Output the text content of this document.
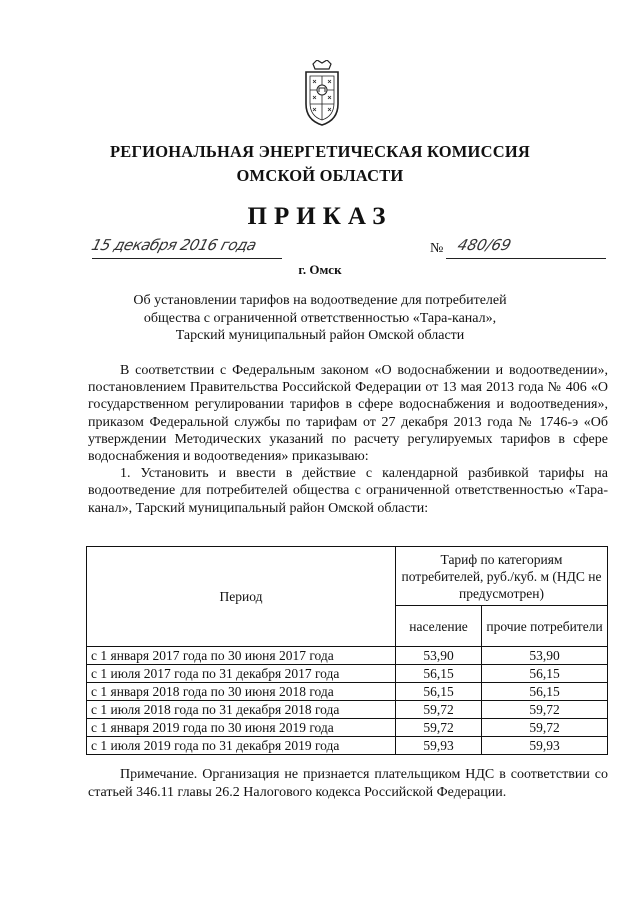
РЕГИОНАЛЬНАЯ ЭНЕРГЕТИЧЕСКАЯ КОМИССИЯ
ОМСКОЙ ОБЛАСТИ
ПРИКАЗ
15 декабря 2016 года	№ 480/69
г. Омск
Об установлении тарифов на водоотведение для потребителей
общества с ограниченной ответственностью «Тара-канал»,
Тарский муниципальный район Омской области

В соответствии с Федеральным законом «О водоснабжении и водоотведении», постановлением Правительства Российской Федерации от 13 мая 2013 года № 406 «О государственном регулировании тарифов в сфере водоснабжения и водоотведения», приказом Федеральной службы по тарифам от 27 декабря 2013 года № 1746-э «Об утверждении Методических указаний по расчету регулируемых тарифов в сфере водоснабжения и водоотведения» приказываю:

1. Установить и ввести в действие с календарной разбивкой тарифы на водоотведение для потребителей общества с ограниченной ответственностью «Тара-канал», Тарский муниципальный район Омской области:

Период	Тариф по категориям потребителей, руб./куб. м (НДС не предусмотрен)	
	население	прочие потребители
с 1 января 2017 года по 30 июня 2017 года	53,90	53,90
с 1 июля 2017 года по 31 декабря 2017 года	56,15	56,15
с 1 января 2018 года по 30 июня 2018 года	56,15	56,15
с 1 июля 2018 года по 31 декабря 2018 года	59,72	59,72
с 1 января 2019 года по 30 июня 2019 года	59,72	59,72
с 1 июля 2019 года по 31 декабря 2019 года	59,93	59,93

Примечание. Организация не признается плательщиком НДС в соответствии со статьей 346.11 главы 26.2 Налогового кодекса Российской Федерации.
